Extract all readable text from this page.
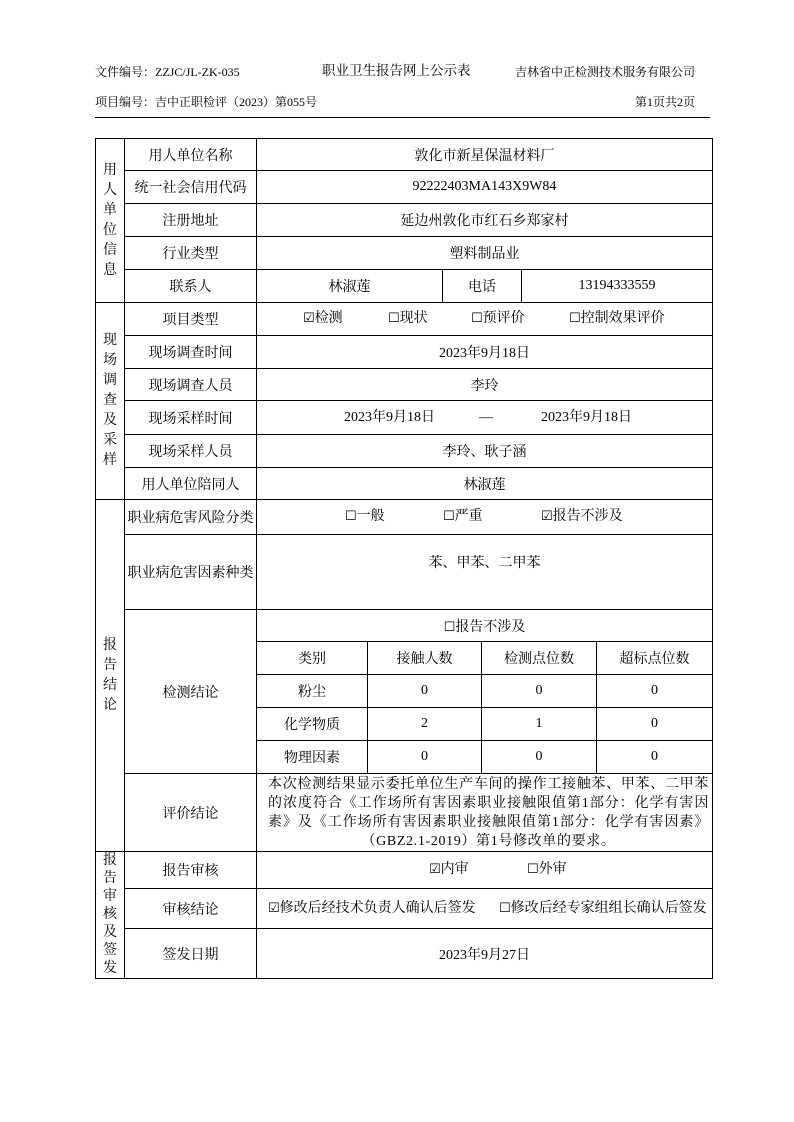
文件编号：ZZJC/JL-ZK-035	职业卫生报告网上公示表	吉林省中正检测技术服务有限公司
项目编号：吉中正职检评（2023）第055号	第1页共2页
用人单位信息	用人单位名称	敦化市新星保温材料厂					
	统一社会信用代码	92222403MA143X9W84					
	注册地址	延边州敦化市红石乡郑家村					
	行业类型	塑料制品业					
	联系人	林淑莲		电话		13194333559	

现场调查及采样	项目类型	☑检测 ☐现状 ☐预评价 ☐控制效果评价					

	现场调查时间	2023年9月18日					
	现场调查人员	李玲					
	现场采样时间	2023年9月18日 — 2023年9月18日					

	现场采样人员	李玲、耿子涵					
	用人单位陪同人	林淑莲					

报告结论	职业病危害风险分类	☐一般 ☐严重 ☑报告不涉及					

	职业病危害因素种类	苯、甲苯、二甲苯					
	检测结论	☐报告不涉及					
		类别	接触人数		检测点位数		超标点位数
		粉尘	0		0		0
		化学物质	2		1		0
		物理因素	0		0		0
	评价结论	本次检测结果显示委托单位生产车间的操作工接触苯、甲苯、二甲苯的浓度符合《工作场所有害因素职业接触限值第1部分：化学有害因素》及《工作场所有害因素职业接触限值第1部分：化学有害因素》（GBZ2.1-2019）第1号修改单的要求。					

报告审核及签发	报告审核	☑内审 ☐外审					

	审核结论	☑修改后经技术负责人确认后签发 ☐修改后经专家组组长确认后签发					

	签发日期	2023年9月27日					
